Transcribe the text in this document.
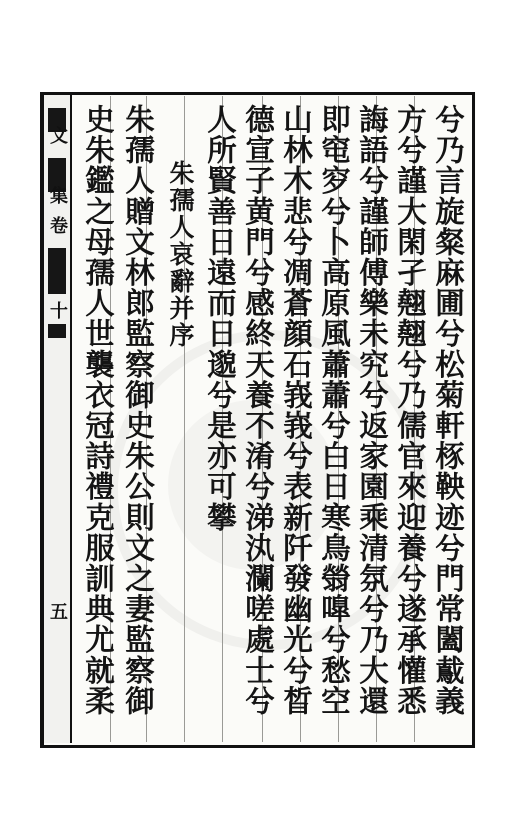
文
集
卷
十
五	兮乃言旋粲麻圃兮松菊軒㭬鞅迹兮門常闔䳒義
方兮謹大閑孑翹翹兮乃儒官來迎養兮遂承懽悉
誨語兮謹師傅樂未究兮返家園乘清氛兮乃大還
即窀穸兮卜高原風蕭蕭兮白日寒鳥䎕嘷兮愁空
山林木悲兮凋蒼顔石峩峩兮表新阡發幽光兮晳
德宣子黄門兮感終天養不淆兮涕汍瀾嗟處士兮
人所賢善日遠而日邈兮是亦可攀
朱孺人哀辭并序
朱孺人贈文林郎監察御史朱公則文之妻監察御
史朱鑑之母孺人世襲衣冠詩禮克服訓典尤就柔
